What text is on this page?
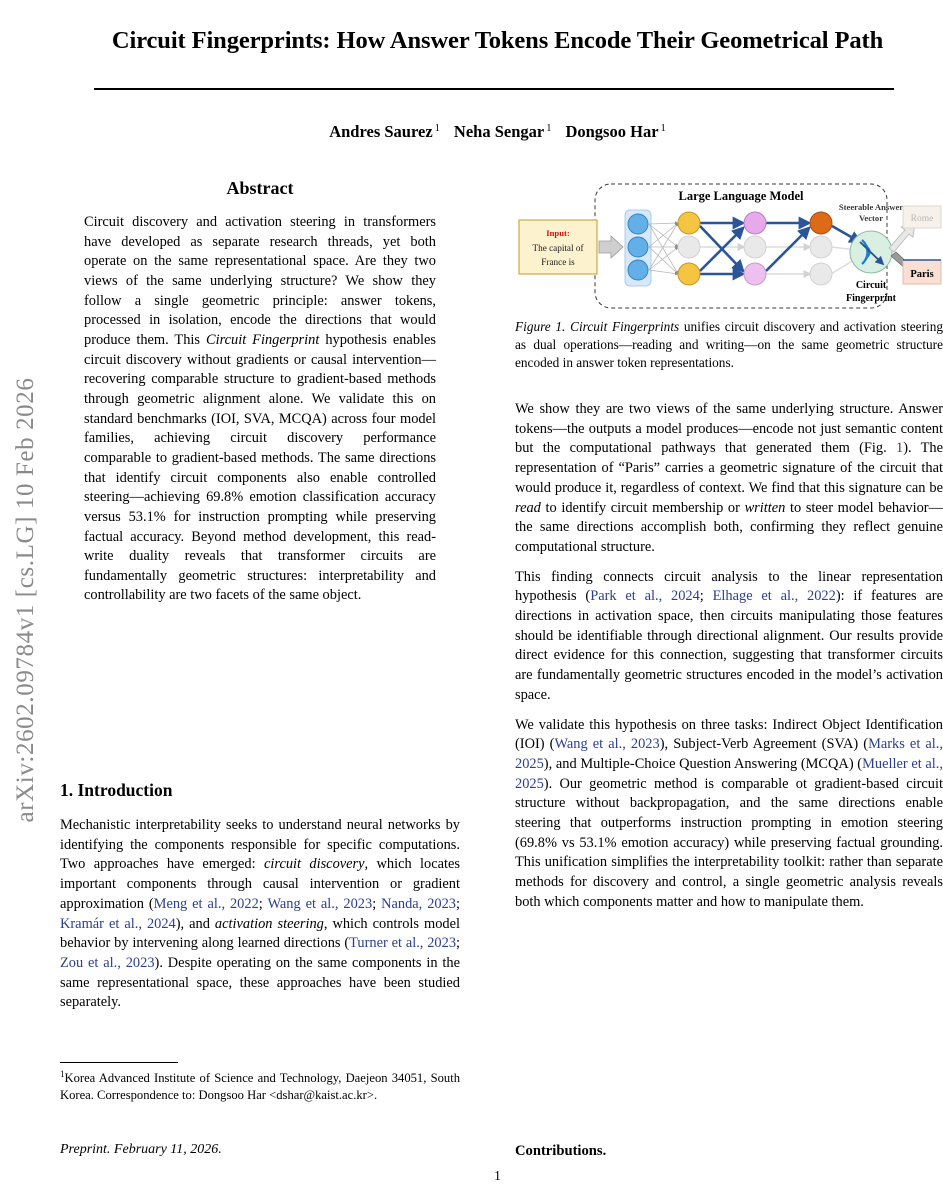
arXiv:2602.09784v1 [cs.LG] 10 Feb 2026
Circuit Fingerprints: How Answer Tokens Encode Their Geometrical Path
Andres Saurez $^1$ Neha Sengar $^1$ Dongsoo Har $^1$
Abstract

Circuit discovery and activation steering in transformers have developed as separate research threads, yet both operate on the same representational space. Are they two views of the same underlying structure? We show they follow a single geometric principle: answer tokens, processed in isolation, encode the directions that would produce them. This Circuit Fingerprint hypothesis enables circuit discovery without gradients or causal intervention—recovering comparable structure to gradient-based methods through geometric alignment alone. We validate this on standard benchmarks (IOI, SVA, MCQA) across four model families, achieving circuit discovery performance comparable to gradient-based methods. The same directions that identify circuit components also enable controlled steering—achieving 69.8% emotion classification accuracy versus 53.1% for instruction prompting while preserving factual accuracy. Beyond method development, this read-write duality reveals that transformer circuits are fundamentally geometric structures: interpretability and controllability are two facets of the same object.

1. Introduction

Mechanistic interpretability seeks to understand neural networks by identifying the components responsible for specific computations. Two approaches have emerged: circuit discovery, which locates important components through causal intervention or gradient approximation (Meng et al., 2022; Wang et al., 2023; Nanda, 2023; Kramár et al., 2024), and activation steering, which controls model behavior by intervening along learned directions (Turner et al., 2023; Zou et al., 2023). Despite operating on the same components in the same representational space, these approaches have been studied separately.

$^1$Korea Advanced Institute of Science and Technology, Daejeon 34051, South Korea. Correspondence to: Dongsoo Har <dshar@kaist.ac.kr>.
Preprint. February 11, 2026.
Large Language Model
Input:
The capital of
France is
Steerable Answer
Vector
Circuit
Fingerprint
Rome
Paris
Figure 1. Circuit Fingerprints unifies circuit discovery and activation steering as dual operations—reading and writing—on the same geometric structure encoded in answer token representations.

We show they are two views of the same underlying structure. Answer tokens—the outputs a model produces—encode not just semantic content but the computational pathways that generated them (Fig. 1). The representation of “Paris” carries a geometric signature of the circuit that would produce it, regardless of context. We find that this signature can be read to identify circuit membership or written to steer model behavior—the same directions accomplish both, confirming they reflect genuine computational structure.

This finding connects circuit analysis to the linear representation hypothesis (Park et al., 2024; Elhage et al., 2022): if features are directions in activation space, then circuits manipulating those features should be identifiable through directional alignment. Our results provide direct evidence for this connection, suggesting that transformer circuits are fundamentally geometric structures encoded in the model’s activation space.

We validate this hypothesis on three tasks: Indirect Object Identification (IOI) (Wang et al., 2023), Subject-Verb Agreement (SVA) (Marks et al., 2025), and Multiple-Choice Question Answering (MCQA) (Mueller et al., 2025). Our geometric method is comparable ot gradient-based circuit structure without backpropagation, and the same directions enable steering that outperforms instruction prompting in emotion steering (69.8% vs 53.1% emotion accuracy) while preserving factual grounding. This unification simplifies the interpretability toolkit: rather than separate methods for discovery and control, a single geometric analysis reveals both which components matter and how to manipulate them.

Contributions.
1
